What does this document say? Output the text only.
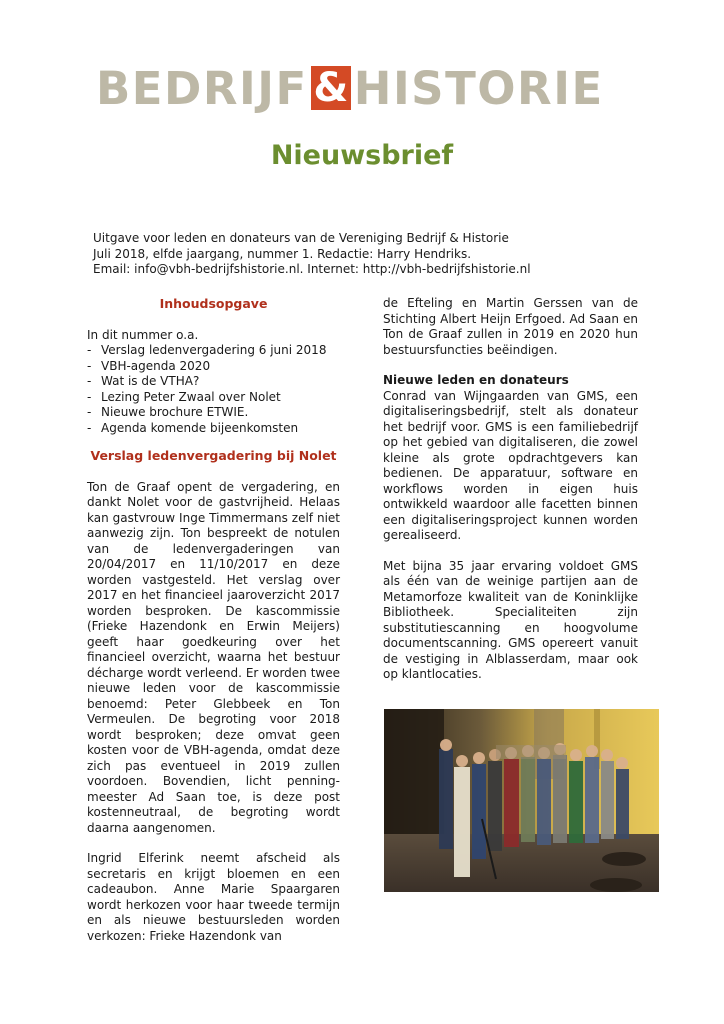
BEDRIJF & HISTORIE
Nieuwsbrief
Uitgave voor leden en donateurs van de Vereniging Bedrijf & Historie
Juli 2018, elfde jaargang, nummer 1. Redactie: Harry Hendriks.
Email: info@vbh-bedrijfshistorie.nl. Internet: http://vbh-bedrijfshistorie.nl

Inhoudsopgave

In dit nummer o.a.
- Verslag ledenvergadering 6 juni 2018
- VBH-agenda 2020
- Wat is de VTHA?
- Lezing Peter Zwaal over Nolet
- Nieuwe brochure ETWIE.
- Agenda komende bijeenkomsten

Verslag ledenvergadering bij Nolet

Ton de Graaf opent de vergadering, en dankt Nolet voor de gastvrijheid. Helaas kan gastvrouw Inge Timmermans zelf niet aanwezig zijn. Ton bespreekt de notulen van de ledenvergaderingen van 20/04/2017 en 11/10/2017 en deze worden vastgesteld. Het verslag over 2017 en het financieel jaaroverzicht 2017 worden besproken. De kascommissie (Frieke Hazendonk en Erwin Meijers) geeft haar goedkeuring over het financieel overzicht, waarna het bestuur décharge wordt verleend. Er worden twee nieuwe leden voor de kascommissie benoemd: Peter Glebbeek en Ton Vermeulen. De begroting voor 2018 wordt besproken; deze omvat geen kosten voor de VBH-agenda, omdat deze zich pas eventueel in 2019 zullen voordoen. Bovendien, licht penning-meester Ad Saan toe, is deze post kostenneutraal, de begroting wordt daarna aangenomen.

Ingrid Elferink neemt afscheid als secretaris en krijgt bloemen en een cadeaubon. Anne Marie Spaargaren wordt herkozen voor haar tweede termijn en als nieuwe bestuursleden worden verkozen: Frieke Hazendonk van

de Efteling en Martin Gerssen van de Stichting Albert Heijn Erfgoed. Ad Saan en Ton de Graaf zullen in 2019 en 2020 hun bestuursfuncties beëindigen.

Nieuwe leden en donateurs

Conrad van Wijngaarden van GMS, een digitaliseringsbedrijf, stelt als donateur het bedrijf voor. GMS is een familiebedrijf op het gebied van digitaliseren, die zowel kleine als grote opdrachtgevers kan bedienen. De apparatuur, software en workflows worden in eigen huis ontwikkeld waardoor alle facetten binnen een digitaliseringsproject kunnen worden gerealiseerd.

Met bijna 35 jaar ervaring voldoet GMS als één van de weinige partijen aan de Metamorfoze kwaliteit van de Koninklijke Bibliotheek. Specialiteiten zijn substitutiescanning en hoogvolume documentscanning. GMS opereert vanuit de vestiging in Alblasserdam, maar ook op klantlocaties.
